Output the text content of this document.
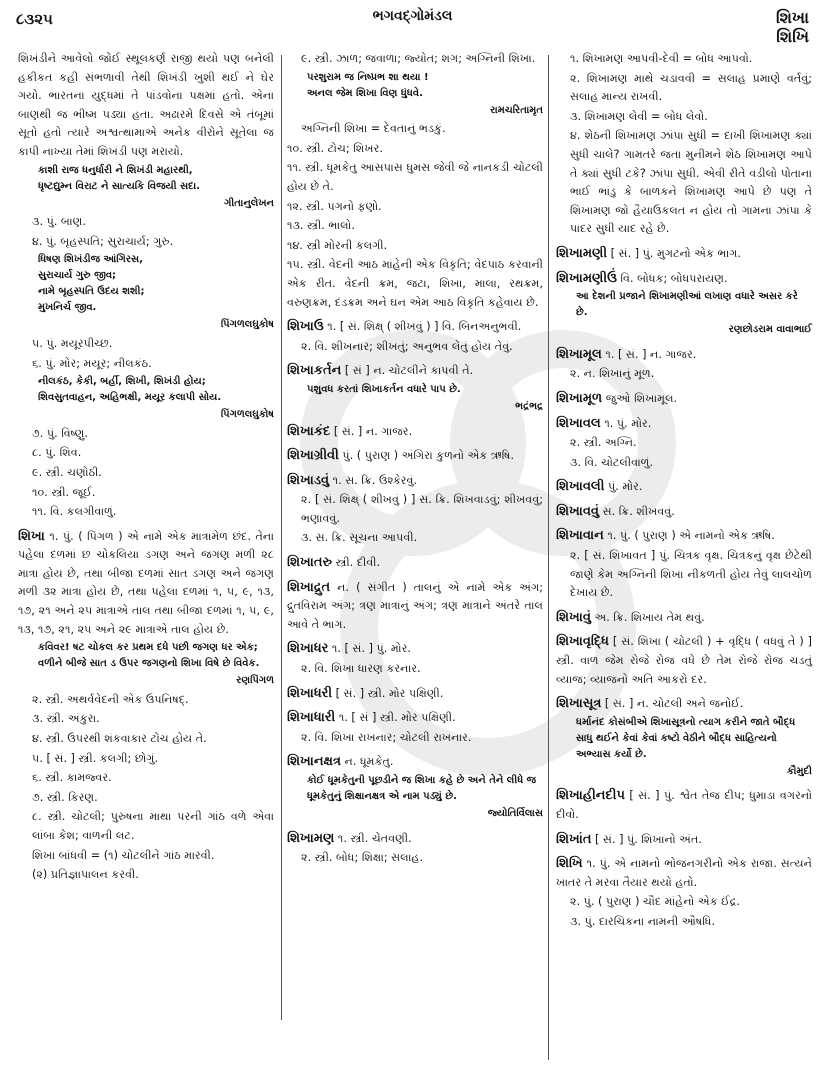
૮૩૨૫	ભગવદ્ગોમંડલ	શિખા
શિખિ
શિખંડીને આવેલો જોઈ સ્થૂલકર્ણ રાજી થયો પણ બનેલી હકીકત કહી સંભળાવી તેથી શિખંડી ખુશી થઈ ને ઘેર ગયો. ભારતના યુદ્ધમાં તે પાંડવોના પક્ષમાં હતો. એના બાણથી જ ભીષ્મ પડ્યા હતા. અઢારમે દિવસે એ તંબૂમાં સૂતો હતો ત્યારે અશ્વત્થામાએ અનેક વીરોને સૂતેલા જ કાપી નાખ્યા તેમાં શિખંડી પણ મરાયો.
કાશી રાજ ધનુર્ધારી ને શિખંડી મહારથી,
ધૃષ્ટદ્યુમ્ન વિરાટ ને સાત્યકિ વિજયી સદા.
ગીતાનુલેખન
૩. પું. બાણ.
૪. પું. બૃહસ્પતિ; સુરાચાર્ય; ગુરુ.
ધિષણ શિખંડીજ આંગિરસ,
સુરાચાર્ય ગુરુ જીવ;
નામે બૃહસ્પતિ ઉદય શશી;
મુખનિર્ચ જીવ.
પિંગળલઘુકોષ
૫. પું. મયૂરપીચ્છ.
૬. પું. મોર; મયૂર; નીલકંઠ.
નીલકંઠ, કેકી, બર્હી, શિખી, શિખંડી હોય;
શિવસુતવાહન, અહિભક્ષી, મયૂર કલાપી સોય.
પિંગળલઘુકોષ
૭. પું. વિષ્ણુ.
૮. પું. શિવ.
૯. સ્ત્રી. ચણોઠી.
૧૦. સ્ત્રી. જૂઈ.
૧૧. વિ. કલગીવાળું.
શિખા ૧. પું. ( પિંગળ ) એ નામે એક માત્રામેળ છંદ. તેના પહેલા દળમાં છ ચોકલિયા ડગણ અને જગણ મળી ૨૮ માત્રા હોય છે, તથા બીજા દળમાં સાત ડગણ અને જગણ મળી ૩૨ માત્રા હોય છે, તથા પહેલા દળમાં ૧, ૫, ૯, ૧૩, ૧૭, ૨૧ અને ૨૫ માત્રાએ તાલ તથા બીજા દળમાં ૧, ૫, ૯, ૧૩, ૧૭, ૨૧, ૨૫ અને ૨૯ માત્રાએ તાલ હોય છે.
કવિવર! ષટ ચોકલ કર પ્રથમ દધે પછી જગણ ધર એક; વળીને બીજે સાત ડ ઉપર જગણનો શિખા વિષે છે વિવેક.
રણપિંગળ
૨. સ્ત્રી. અથર્વવેદની એક ઉપનિષદ્.
૩. સ્ત્રી. અંકુરા.
૪. સ્ત્રી. ઉપરથી શંકવાકાર ટોચ હોય તે.
૫. [ સં. ] સ્ત્રી. કલગી; છોગું.
૬. સ્ત્રી. કામજ્વર.
૭. સ્ત્રી. કિરણ.
૮. સ્ત્રી. ચોટલી; પુરુષના માથા પરની ગાંઠ વળે એવા લાંબા કેશ; વાળની લટ.
શિખા બાંધવી = (૧) ચોટલીને ગાંઠ મારવી.
(૨) પ્રતિજ્ઞાપાલન કરવી.
૯. સ્ત્રી. ઝાળ; જવાળા; જ્યોત; શગ; અગ્નિની શિખા.
પરશુરામ જ નિષ્પ્રભ શા થયા !
અનલ જેમ શિખા વિણ ધુંધવે.
રામચરિતામૃત
અગ્નિની શિખા = દેવતાનું ભડકું.
૧૦. સ્ત્રી. ટોચ; શિખર.
૧૧. સ્ત્રી. ધૂમકેતુ આસપાસ ધુમસ જેવી જે નાનકડી ચોટલી હોય છે તે.
૧૨. સ્ત્રી. પગનો ફણો.
૧૩. સ્ત્રી. ભાલો.
૧૪. સ્ત્રી મોરની કલગી.
૧૫. સ્ત્રી. વેદની આઠ માંહેની એક વિકૃતિ; વેદપાઠ કરવાની એક રીત. વેદની ક્રમ, જટા, શિખા, માલા, રથક્રમ, વરુણક્રમ, દંડક્રમ અને ઘન એમ આઠ વિકૃતિ કહેવાય છે.
શિખાઉ ૧. [ સં. શિક્ષ્ ( શીખવું ) ] વિ. બિનઅનુભવી.
૨. વિ. શીખનાર; શીખતું; અનુભવ લેતું હોય તેવું.
શિખાકર્તન [ સં ] ન. ચોટલીને કાપવી તે.
પશુવધ કરતાં શિખાકર્તન વધારે પાપ છે.
ભદ્રંભદ્ર
શિખાકંદ [ સં. ] ન. ગાજર.
શિખાગ્રીવી પું. ( પુરાણ ) અંગિરા કુળનો એક ઋષિ.
શિખાડવું ૧. સ. ક્રિ. ઉશ્કેરવું.
૨. [ સં. શિક્ષ્ ( શીખવું ) ] સ. ક્રિ. શિખવાડવું; શીખવવું; ભણાવવું.
૩. સ. ક્રિ. સૂચના આપવી.
શિખાતરુ સ્ત્રી. દીવી.
શિખાદ્રુત ન. ( સંગીત ) તાલનું એ નામે એક અંગ; દ્રુતવિરામ અંગ; ત્રણ માત્રાનું અંગ; ત્રણ માત્રાને અંતરે તાલ આવે તે ભાગ.
શિખાધર ૧. [ સં. ] પું. મોર.
૨. વિ. શિખા ધારણ કરનાર.
શિખાધરી [ સં. ] સ્ત્રી. મોર પક્ષિણી.
શિખાધારી ૧. [ સં ] સ્ત્રી. મોર પક્ષિણી.
૨. વિ. શિખા રાખનાર; ચોટલી રાખનાર.
શિખાનક્ષત્ર ન. ધૂમકેતુ.
કોઈ ધૂમકેતુની પૂછડીને જ શિખા કહે છે અને તેને લીધે જ ધૂમકેતુનું શિક્ષાનક્ષત્ર એ નામ પડ્યું છે.
જ્યોતિર્વિલાસ
શિખામણ ૧. સ્ત્રી. ચેતવણી.
૨. સ્ત્રી. બોધ; શિક્ષા; સલાહ.
૧. શિખામણ આપવી-દેવી = બોધ આપવો.
૨. શિખામણ માથે ચડાવવી = સલાહ પ્રમાણે વર્તવું; સલાહ માન્ય રાખવી.
૩. શિખામણ લેવી = બોધ લેવો.
૪. શેઠની શિખામણ ઝાંપા સુધી = દાખી શિખામણ ક્યાં સુધી ચાલે? ગામતરે જતા મુનીમને શેઠ શિખામણ આપે તે ક્યાં સુધી ટકે? ઝાંપા સુધી. એવી રીતે વડીલો પોતાના ભાઈ ભાંડુ કે બાળકને શિખામણ આપે છે પણ તે શિખામણ જો હૈયાઉકલત ન હોય તો ગામના ઝાંપા કે પાદર સુધી યાદ રહે છે.
શિખામણી [ સં. ] પું. મુગટનો એક ભાગ.
શિખામણીઉં વિ. બોધક; બોધપરાયણ.
આ દેશની પ્રજાને શિખામણીઆં લખાણ વધારે અસર કરે છે.
રણછોડરામ વાવાભાઈ
શિખામૂલ ૧. [ સં. ] ન. ગાજર.
૨. ન. શિખાનું મૂળ.
શિખામૂળ જુઓ શિખામૂલ.
શિખાવલ ૧. પું. મોર.
૨. સ્ત્રી. અગ્નિ.
૩. વિ. ચોટલીવાળું.
શિખાવલી પું. મોર.
શિખાવવું સ. ક્રિ. શીખવવું.
શિખાવાન ૧. પું. ( પુરાણ ) એ નામનો એક ઋષિ.
૨. [ સં. શિખાવત ] પું. ચિત્રક વૃક્ષ. ચિત્રકનું વૃક્ષ છેટેથી જાણે કેમ અગ્નિની શિખા નીકળતી હોય તેવું લાલચોળ દેખાય છે.
શિખાવું અ. ક્રિ. શિખાય તેમ થવું.
શિખાવૃદ્ધિ [ સં. શિખા ( ચોટલી ) + વૃદ્ધિ ( વધવું તે ) ] સ્ત્રી. વાળ જેમ રોજે રોજ વધે છે તેમ રોજે રોજ ચડતું વ્યાજ; વ્યાજનો અતિ આકરો દર.
શિખાસૂત્ર [ સં. ] ન. ચોટલી અને જનોઈ.
ધર્માનંદ કોસંબીએ શિખાસૂત્રનો ત્યાગ કરીને જાતે બૌદ્ધ સાધુ થઈને કેવાં કેવાં કષ્ટો વેઠીને બૌદ્ધ સાહિત્યનો અભ્યાસ કર્યો છે.
કૌમુદી
શિખાહીનદીપ [ સં. ] પું. શ્વેત તેજ દીપ; ધુમાડા વગરનો દીવો.
શિખાંત [ સં. ] પું. શિખાનો અંત.
શિખિ ૧. પું. એ નામનો ભોજનગરીનો એક રાજા. સત્યને ખાતર તે મરવા તૈયાર થયો હતો.
૨. પું. ( પુરાણ ) ચૌદ માંહેનો એક ઈંદ્ર.
૩. પું. દારચિકના નામની ઔષધિ.
